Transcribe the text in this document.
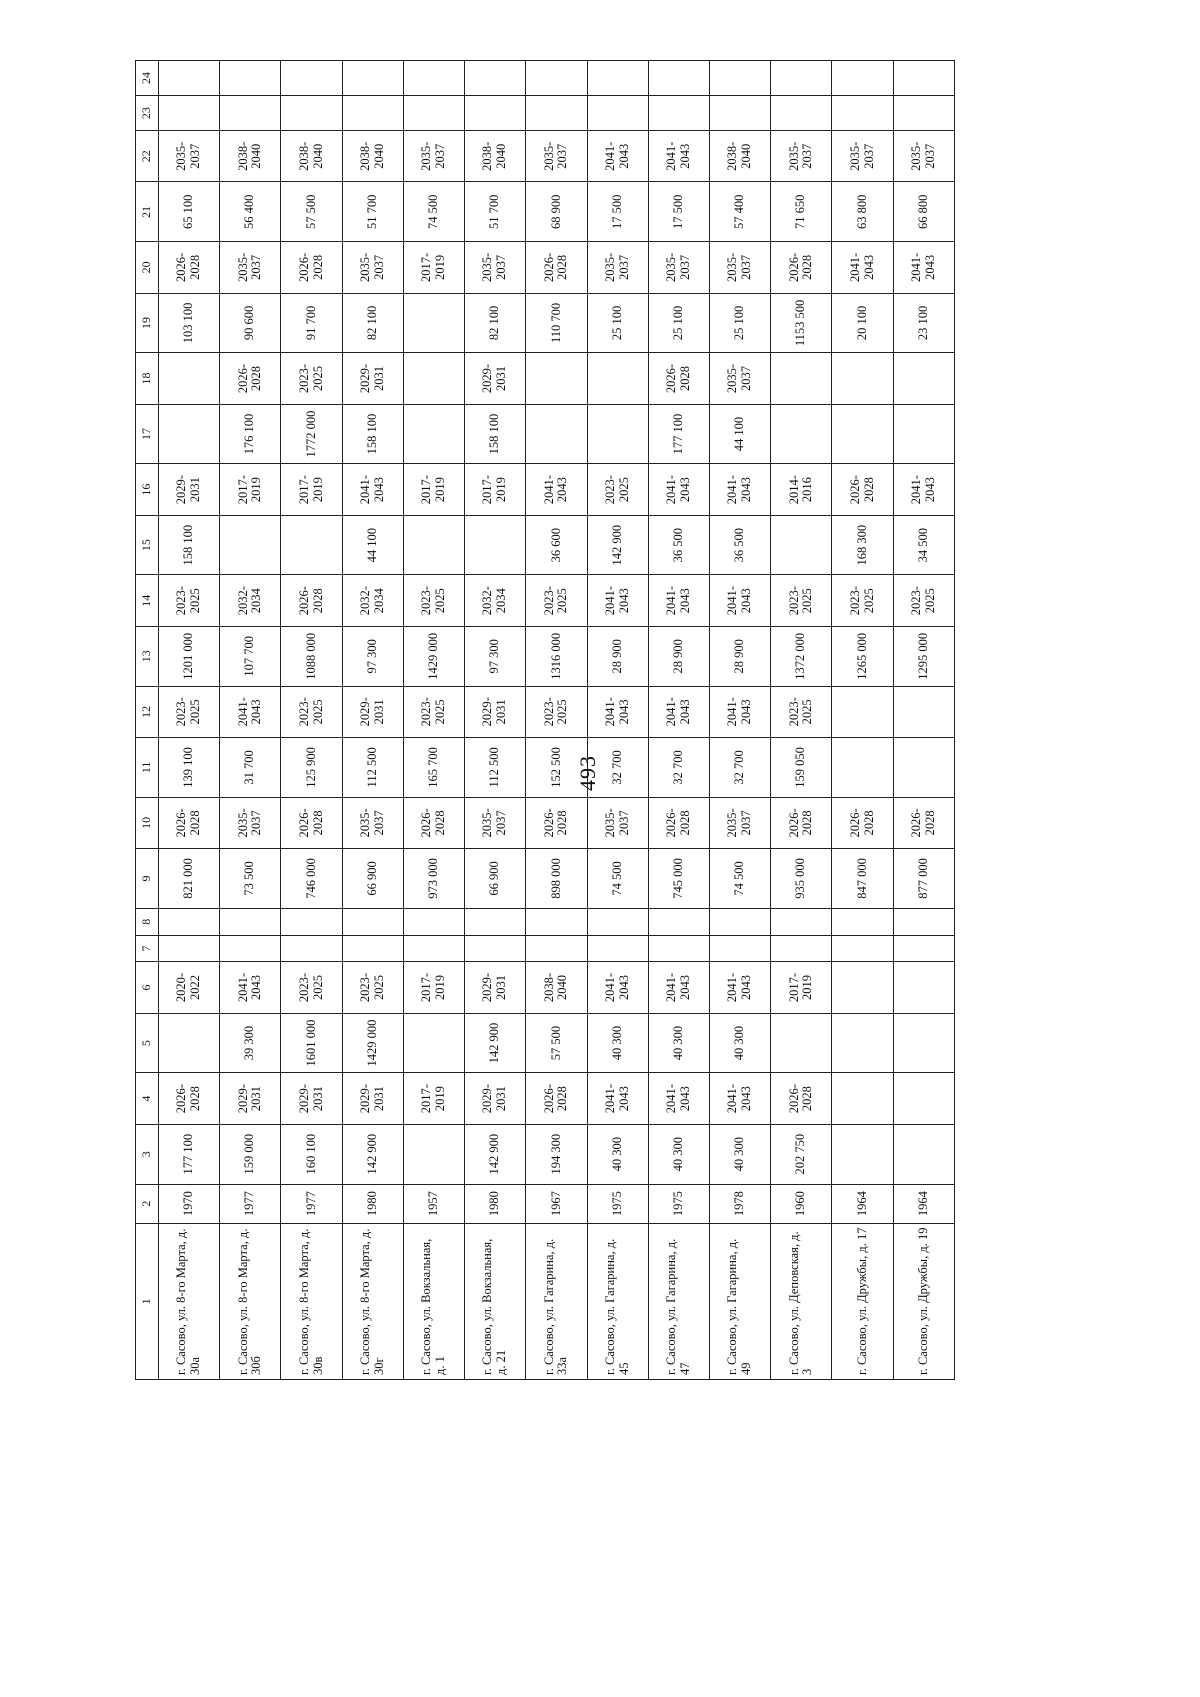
493
1	2	3	4	5	6	7	8	9	10	11	12	13	14	15	16	17	18	19	20	21	22	23	24
г. Сасово, ул. 8-го Марта, д. 30а	1970	177 100	2026-2028		2020-2022			821 000	2026-2028	139 100	2023-2025	1201 000	2023-2025	158 100	2029-2031			103 100	2026-2028	65 100	2035-2037		
г. Сасово, ул. 8-го Марта, д. 30б	1977	159 000	2029-2031	39 300	2041-2043			73 500	2035-2037	31 700	2041-2043	107 700	2032-2034		2017-2019	176 100	2026-2028	90 600	2035-2037	56 400	2038-2040		
г. Сасово, ул. 8-го Марта, д. 30в	1977	160 100	2029-2031	1601 000	2023-2025			746 000	2026-2028	125 900	2023-2025	1088 000	2026-2028		2017-2019	1772 000	2023-2025	91 700	2026-2028	57 500	2038-2040		
г. Сасово, ул. 8-го Марта, д. 30г	1980	142 900	2029-2031	1429 000	2023-2025			66 900	2035-2037	112 500	2029-2031	97 300	2032-2034	44 100	2041-2043	158 100	2029-2031	82 100	2035-2037	51 700	2038-2040		
г. Сасово, ул. Вокзальная, д. 1	1957		2017-2019		2017-2019			973 000	2026-2028	165 700	2023-2025	1429 000	2023-2025		2017-2019				2017-2019	74 500	2035-2037		
г. Сасово, ул. Вокзальная, д. 21	1980	142 900	2029-2031	142 900	2029-2031			66 900	2035-2037	112 500	2029-2031	97 300	2032-2034		2017-2019	158 100	2029-2031	82 100	2035-2037	51 700	2038-2040		
г. Сасово, ул. Гагарина, д. 33а	1967	194 300	2026-2028	57 500	2038-2040			898 000	2026-2028	152 500	2023-2025	1316 000	2023-2025	36 600	2041-2043			110 700	2026-2028	68 900	2035-2037		
г. Сасово, ул. Гагарина, д. 45	1975	40 300	2041-2043	40 300	2041-2043			74 500	2035-2037	32 700	2041-2043	28 900	2041-2043	142 900	2023-2025			25 100	2035-2037	17 500	2041-2043		
г. Сасово, ул. Гагарина, д. 47	1975	40 300	2041-2043	40 300	2041-2043			745 000	2026-2028	32 700	2041-2043	28 900	2041-2043	36 500	2041-2043	177 100	2026-2028	25 100	2035-2037	17 500	2041-2043		
г. Сасово, ул. Гагарина, д. 49	1978	40 300	2041-2043	40 300	2041-2043			74 500	2035-2037	32 700	2041-2043	28 900	2041-2043	36 500	2041-2043	44 100	2035-2037	25 100	2035-2037	57 400	2038-2040		
г. Сасово, ул. Деповская, д. 3	1960	202 750	2026-2028		2017-2019			935 000	2026-2028	159 050	2023-2025	1372 000	2023-2025		2014-2016			1153 500	2026-2028	71 650	2035-2037		
г. Сасово, ул. Дружбы, д. 17	1964							847 000	2026-2028			1265 000	2023-2025	168 300	2026-2028			20 100	2041-2043	63 800	2035-2037		
г. Сасово, ул. Дружбы, д. 19	1964							877 000	2026-2028			1295 000	2023-2025	34 500	2041-2043			23 100	2041-2043	66 800	2035-2037		
